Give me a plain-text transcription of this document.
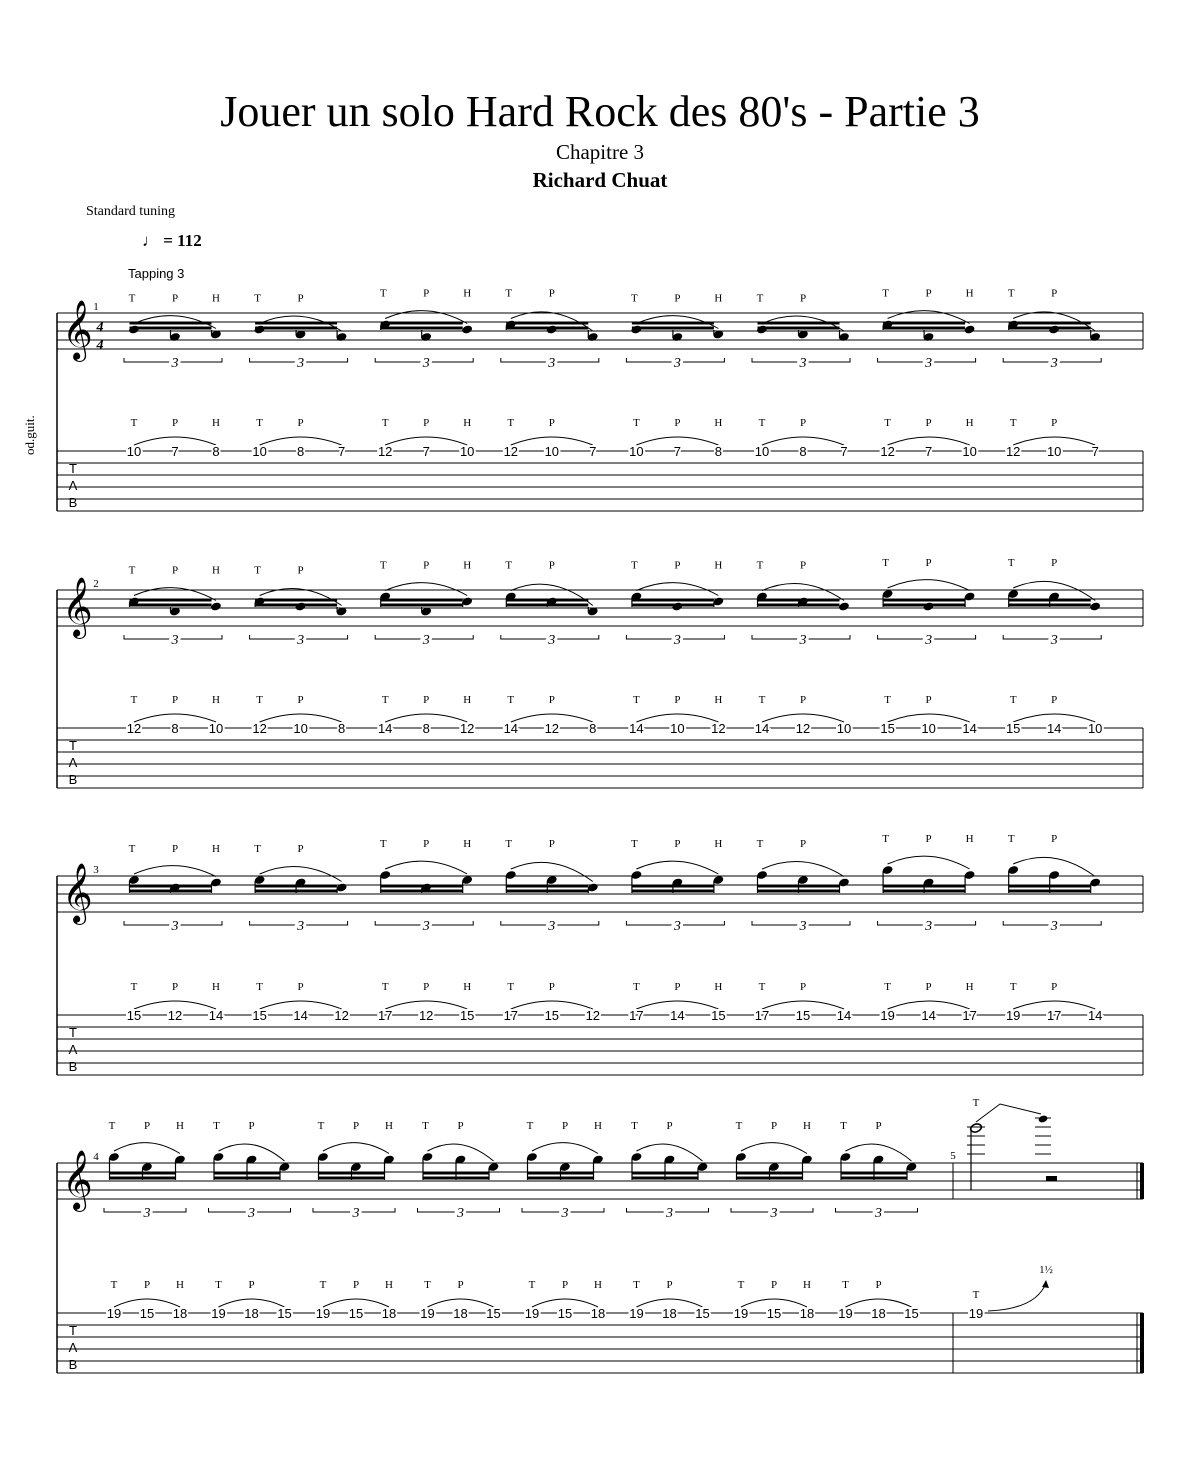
Jouer un solo Hard Rock des 80's - Partie 3
Chapitre 3
Richard Chuat
Standard tuning
♩ = 112
Tapping 3
od.guit.
𝄞 4
4
T
A
B
1
T	P	H
3
T	P	H
10 7	8
T	P
3
T	P
10 8	7
T	P	H
3
T	P	H
12 7 10
T	P
3
T	P
12 10 7
T	P	H
3
T	P	H
10 7	8
T	P
3
T	P
10 8	7
T	P	H
3
T	P	H
12 7 10
T	P
3
T	P
12 10 7
𝄞
T
A
B
2
T	P	H
3
T	P	H
12 8 10
T	P
3
T	P
12 10 8
T	P	H
3
T	P	H
14 8 12
T	P
3
T	P
14 12 8
T	P	H
3
T	P	H
14 10 12
T	P
3
T	P
14 12 10
T	P
3
T	P
15 10 14
T	P
3
T	P
15 14 10
𝄞
T
A
B
3
T	P	H
3
T	P	H
15 12 14
T	P
3
T	P
15 14 12
T	P	H
3
T	P	H
17 12 15
T	P
3
T	P
17 15 12
T	P	H
3
T	P	H
17 14 15
T	P
3
T	P
17 15 14
T	P	H
3
T	P	H
19 14 17
T	P
3
T	P
19 17 14
𝄞
T
A
B
4
T	P H
3
T P H
19 15 18
T	P
3
T P
19 18 15
T	P H
3
T P H
19 15 18
T	P
3
T P
19 18 15
T	P H
3
T P H
19 15 18
T	P
3
T P
19 18 15
T	P H
3
T P H
19 15 18
T	P
3
T P
19 18 15
5
T
T
19
1½
